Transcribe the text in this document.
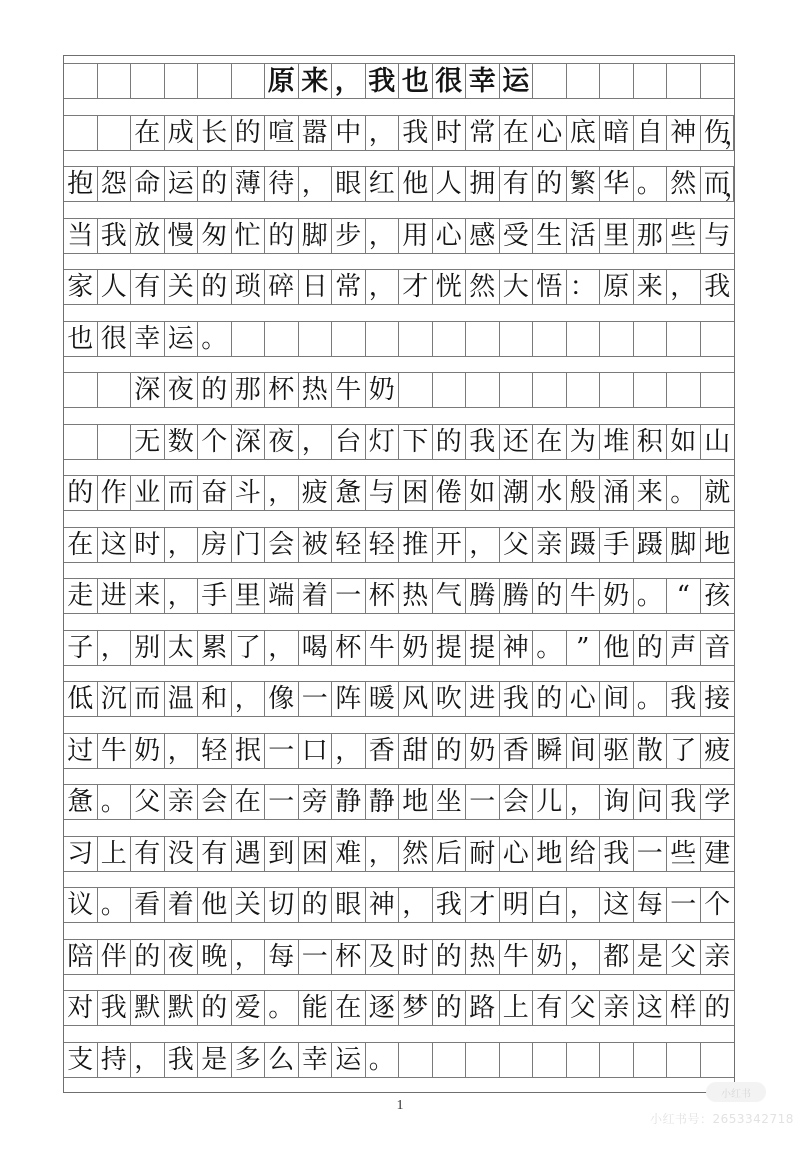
原 来 ， 我 也 很 幸 运
在 成 长 的 喧 嚣 中 ， 我 时 常 在 心 底 暗 自 神 伤
，
抱 怨 命 运 的 薄 待 ， 眼 红 他 人 拥 有 的 繁 华 。 然 而
，
当 我 放 慢 匆 忙 的 脚 步 ， 用 心 感 受 生 活 里 那 些 与
家 人 有 关 的 琐 碎 日 常 ， 才 恍 然 大 悟 ： 原 来 ， 我
也 很 幸 运 。
深 夜 的 那 杯 热 牛 奶
无 数 个 深 夜 ， 台 灯 下 的 我 还 在 为 堆 积 如 山
的 作 业 而 奋 斗 ， 疲 惫 与 困 倦 如 潮 水 般 涌 来 。 就
在 这 时 ， 房 门 会 被 轻 轻 推 开 ， 父 亲 蹑 手 蹑 脚 地
走 进 来 ， 手 里 端 着 一 杯 热 气 腾 腾 的 牛 奶 。 “ 孩
子 ， 别 太 累 了 ， 喝 杯 牛 奶 提 提 神 。 ” 他 的 声 音
低 沉 而 温 和 ， 像 一 阵 暖 风 吹 进 我 的 心 间 。 我 接
过 牛 奶 ， 轻 抿 一 口 ， 香 甜 的 奶 香 瞬 间 驱 散 了 疲
惫 。 父 亲 会 在 一 旁 静 静 地 坐 一 会 儿 ， 询 问 我 学
习 上 有 没 有 遇 到 困 难 ， 然 后 耐 心 地 给 我 一 些 建
议 。 看 着 他 关 切 的 眼 神 ， 我 才 明 白 ， 这 每 一 个
陪 伴 的 夜 晚 ， 每 一 杯 及 时 的 热 牛 奶 ， 都 是 父 亲
对 我 默 默 的 爱 。 能 在 逐 梦 的 路 上 有 父 亲 这 样 的
支 持 ， 我 是 多 么 幸 运 。
1
小红书
小红书号：2653342718
